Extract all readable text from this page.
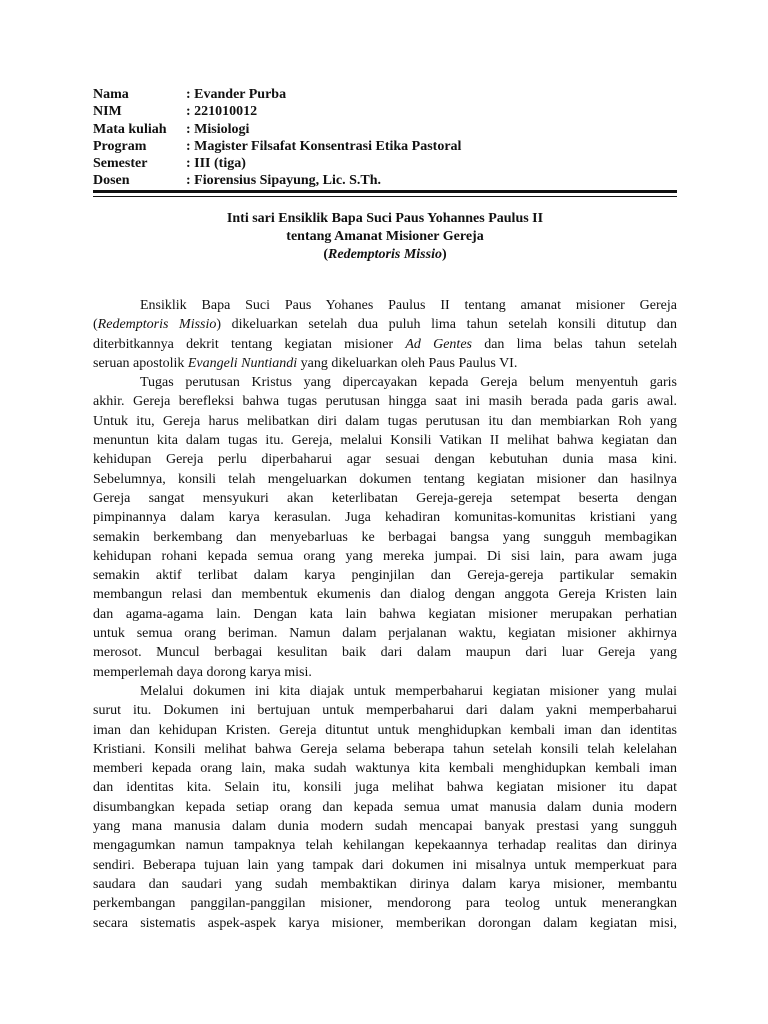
Nama	: Evander Purba
NIM	: 221010012
Mata kuliah	: Misiologi
Program	: Magister Filsafat Konsentrasi Etika Pastoral
Semester	: III (tiga)
Dosen	: Fiorensius Sipayung, Lic. S.Th.
Inti sari Ensiklik Bapa Suci Paus Yohannes Paulus II
tentang Amanat Misioner Gereja
(Redemptoris Missio)
Ensiklik Bapa Suci Paus Yohanes Paulus II tentang amanat misioner Gereja
(Redemptoris Missio) dikeluarkan setelah dua puluh lima tahun setelah konsili ditutup dan
diterbitkannya dekrit tentang kegiatan misioner Ad Gentes dan lima belas tahun setelah
seruan apostolik Evangeli Nuntiandi yang dikeluarkan oleh Paus Paulus VI.
Tugas perutusan Kristus yang dipercayakan kepada Gereja belum menyentuh garis
akhir. Gereja berefleksi bahwa tugas perutusan hingga saat ini masih berada pada garis awal.
Untuk itu, Gereja harus melibatkan diri dalam tugas perutusan itu dan membiarkan Roh yang
menuntun kita dalam tugas itu. Gereja, melalui Konsili Vatikan II melihat bahwa kegiatan dan
kehidupan Gereja perlu diperbaharui agar sesuai dengan kebutuhan dunia masa kini.
Sebelumnya, konsili telah mengeluarkan dokumen tentang kegiatan misioner dan hasilnya
Gereja sangat mensyukuri akan keterlibatan Gereja-gereja setempat beserta dengan
pimpinannya dalam karya kerasulan. Juga kehadiran komunitas-komunitas kristiani yang
semakin berkembang dan menyebarluas ke berbagai bangsa yang sungguh membagikan
kehidupan rohani kepada semua orang yang mereka jumpai. Di sisi lain, para awam juga
semakin aktif terlibat dalam karya penginjilan dan Gereja-gereja partikular semakin
membangun relasi dan membentuk ekumenis dan dialog dengan anggota Gereja Kristen lain
dan agama-agama lain. Dengan kata lain bahwa kegiatan misioner merupakan perhatian
untuk semua orang beriman. Namun dalam perjalanan waktu, kegiatan misioner akhirnya
merosot. Muncul berbagai kesulitan baik dari dalam maupun dari luar Gereja yang
memperlemah daya dorong karya misi.
Melalui dokumen ini kita diajak untuk memperbaharui kegiatan misioner yang mulai
surut itu. Dokumen ini bertujuan untuk memperbaharui dari dalam yakni memperbaharui
iman dan kehidupan Kristen. Gereja dituntut untuk menghidupkan kembali iman dan identitas
Kristiani. Konsili melihat bahwa Gereja selama beberapa tahun setelah konsili telah kelelahan
memberi kepada orang lain, maka sudah waktunya kita kembali menghidupkan kembali iman
dan identitas kita. Selain itu, konsili juga melihat bahwa kegiatan misioner itu dapat
disumbangkan kepada setiap orang dan kepada semua umat manusia dalam dunia modern
yang mana manusia dalam dunia modern sudah mencapai banyak prestasi yang sungguh
mengagumkan namun tampaknya telah kehilangan kepekaannya terhadap realitas dan dirinya
sendiri. Beberapa tujuan lain yang tampak dari dokumen ini misalnya untuk memperkuat para
saudara dan saudari yang sudah membaktikan dirinya dalam karya misioner, membantu
perkembangan panggilan-panggilan misioner, mendorong para teolog untuk menerangkan
secara sistematis aspek-aspek karya misioner, memberikan dorongan dalam kegiatan misi,
